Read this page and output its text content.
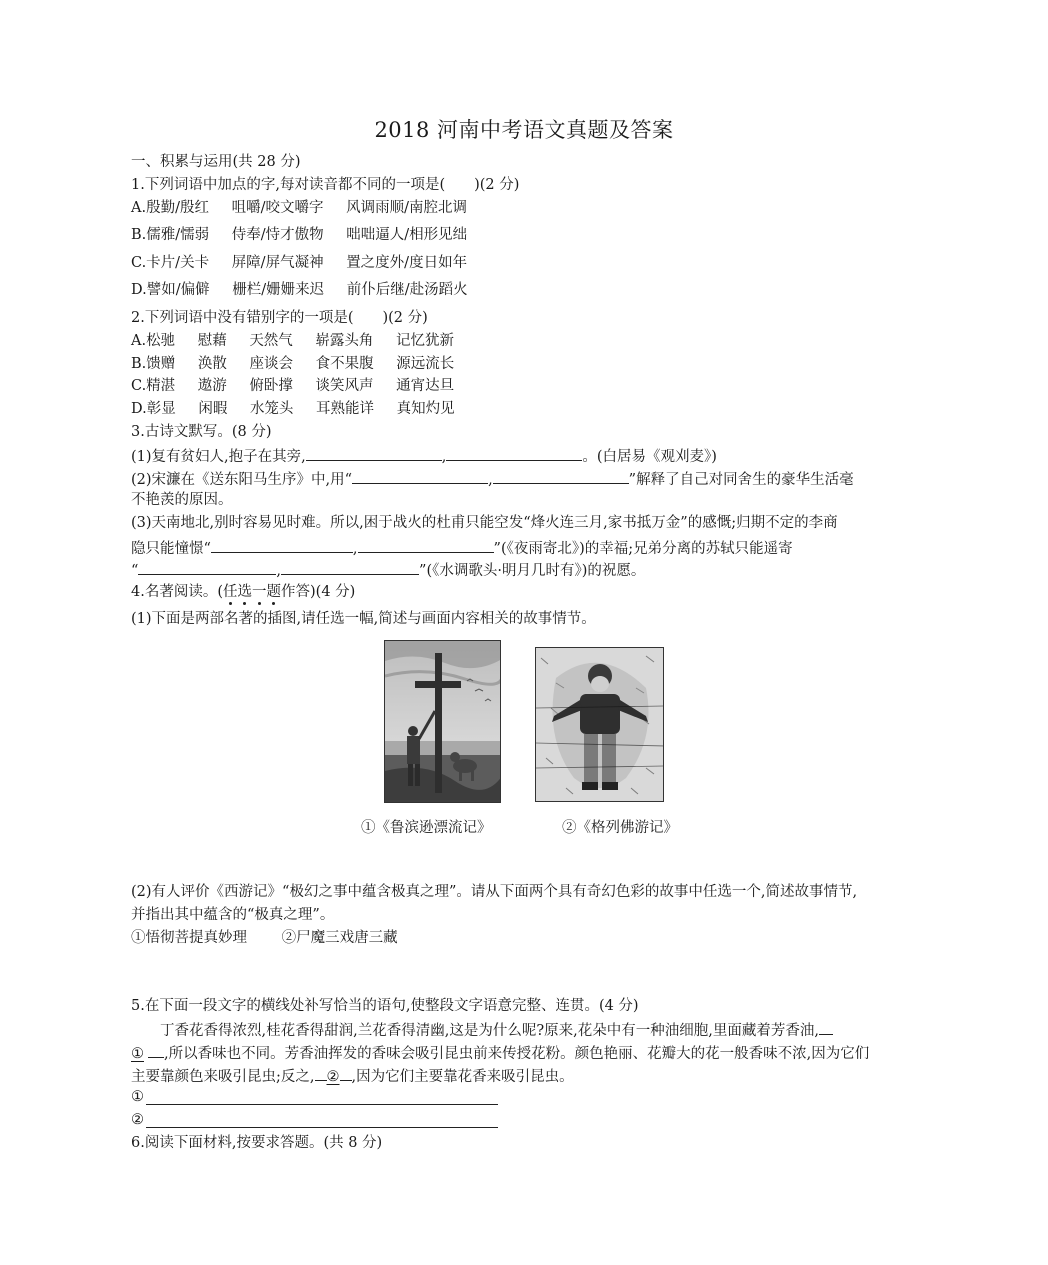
2018 河南中考语文真题及答案
一、积累与运用(共 28 分)
1.下列词语中加点的字,每对读音都不同的一项是(　　)(2 分)
A.殷勤/殷红 咀嚼/咬文嚼字 风调雨顺/南腔北调
B.儒雅/懦弱 侍奉/恃才傲物 咄咄逼人/相形见绌
C.卡片/关卡 屏障/屏气凝神 置之度外/度日如年
D.譬如/偏僻 栅栏/姗姗来迟 前仆后继/赴汤蹈火
2.下列词语中没有错别字的一项是(　　)(2 分)
A.松驰 慰藉 天然气 崭露头角 记忆犹新
B.馈赠 涣散 座谈会 食不果腹 源远流长
C.精湛 遨游 俯卧撑 谈笑风声 通宵达旦
D.彰显 闲暇 水笼头 耳熟能详 真知灼见
3.古诗文默写。(8 分)
(1)复有贫妇人,抱子在其旁,	,	。(白居易《观刈麦》)
(2)宋濂在《送东阳马生序》中,用“	,	”解释了自己对同舍生的豪华生活毫
不艳羡的原因。
(3)天南地北,别时容易见时难。所以,困于战火的杜甫只能空发“烽火连三月,家书抵万金”的感慨;归期不定的李商
隐只能憧憬“	,	”(《夜雨寄北》)的幸福;兄弟分离的苏轼只能遥寄
“	,	”(《水调歌头·明月几时有》)的祝愿。
4.名著阅读。(任选一题作答)(4 分)
(1)下面是两部名著的插图,请任选一幅,简述与画面内容相关的故事情节。
①《鲁滨逊漂流记》	②《格列佛游记》
(2)有人评价《西游记》“极幻之事中蕴含极真之理”。请从下面两个具有奇幻色彩的故事中任选一个,简述故事情节,
并指出其中蕴含的“极真之理”。
①悟彻菩提真妙理 ②尸魔三戏唐三藏
5.在下面一段文字的横线处补写恰当的语句,使整段文字语意完整、连贯。(4 分)
丁香花香得浓烈,桂花香得甜润,兰花香得清幽,这是为什么呢?原来,花朵中有一种油细胞,里面藏着芳香油,
① ,所以香味也不同。芳香油挥发的香味会吸引昆虫前来传授花粉。颜色艳丽、花瓣大的花一般香味不浓,因为它们
主要靠颜色来吸引昆虫;反之, ② ,因为它们主要靠花香来吸引昆虫。
①
②
6.阅读下面材料,按要求答题。(共 8 分)
